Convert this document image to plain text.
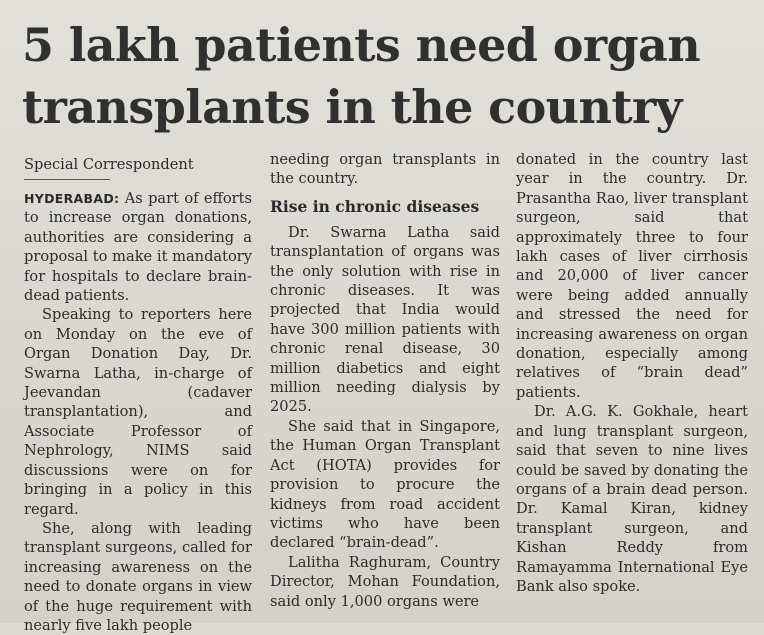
5 lakh patients need organ transplants in the country
Special Correspondent

HYDERABAD: As part of efforts to increase organ donations, authorities are considering a proposal to make it mandatory for hospitals to declare brain-dead patients.

Speaking to reporters here on Monday on the eve of Organ Donation Day, Dr. Swarna Latha, in-charge of Jeevandan (cadaver transplantation), and Associate Professor of Nephrology, NIMS said discussions were on for bringing in a policy in this regard.

She, along with leading transplant surgeons, called for increasing awareness on the need to donate organs in view of the huge requirement with nearly five lakh people

needing organ transplants in the country.

Rise in chronic diseases

Dr. Swarna Latha said transplantation of organs was the only solution with rise in chronic diseases. It was projected that India would have 300 million patients with chronic renal disease, 30 million diabetics and eight million needing dialysis by 2025.

She said that in Singapore, the Human Organ Transplant Act (HOTA) provides for provision to procure the kidneys from road accident victims who have been declared “brain-dead”.

Lalitha Raghuram, Country Director, Mohan Foundation, said only 1,000 organs were

donated in the country last year in the country. Dr. Prasantha Rao, liver transplant surgeon, said that approximately three to four lakh cases of liver cirrhosis and 20,000 of liver cancer were being added annually and stressed the need for increasing awareness on organ donation, especially among relatives of “brain dead” patients.

Dr. A.G. K. Gokhale, heart and lung transplant surgeon, said that seven to nine lives could be saved by donating the organs of a brain dead person. Dr. Kamal Kiran, kidney transplant surgeon, and Kishan Reddy from Ramayamma International Eye Bank also spoke.
